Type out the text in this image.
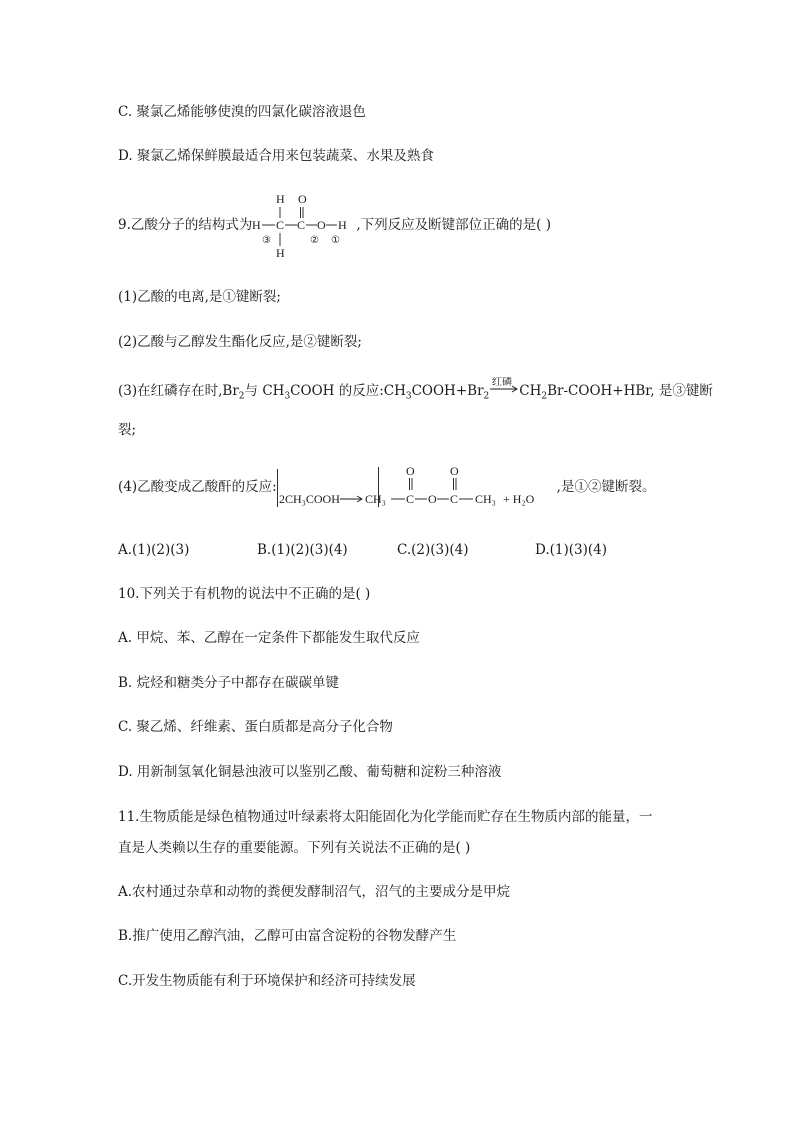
C. 聚氯乙烯能够使溴的四氯化碳溶液退色
D. 聚氯乙烯保鲜膜最适合用来包装蔬菜、水果及熟食
9.乙酸分子的结构式为
H O
H C C O H
H
③	② ①
,下列反应及断键部位正确的是( )
(1)乙酸的电离,是①键断裂;
(2)乙酸与乙醇发生酯化反应,是②键断裂;
(3)在红磷存在时$,Br_2$与 $CH_3COOH$ 的反应$:CH_3COOH+Br_2$
红磷
$CH_2Br-COOH+HBr$, 是③键断
裂;
(4)乙酸变成乙酸酐的反应:
2CH₃COOH CH₃ C
O
O C
O
CH₃ + H₂O
,是①②键断裂。
A.(1)(2)(3)	B.(1)(2)(3)(4)	C.(2)(3)(4)	D.(1)(3)(4)
10.下列关于有机物的说法中不正确的是( )
A. 甲烷、苯、乙醇在一定条件下都能发生取代反应
B. 烷烃和糖类分子中都存在碳碳单键
C. 聚乙烯、纤维素、蛋白质都是高分子化合物
D. 用新制氢氧化铜悬浊液可以鉴别乙酸、葡萄糖和淀粉三种溶液
11.生物质能是绿色植物通过叶绿素将太阳能固化为化学能而贮存在生物质内部的能量，一
直是人类赖以生存的重要能源。下列有关说法不正确的是( )
A.农村通过杂草和动物的粪便发酵制沼气，沼气的主要成分是甲烷
B.推广使用乙醇汽油，乙醇可由富含淀粉的谷物发酵产生
C.开发生物质能有利于环境保护和经济可持续发展
